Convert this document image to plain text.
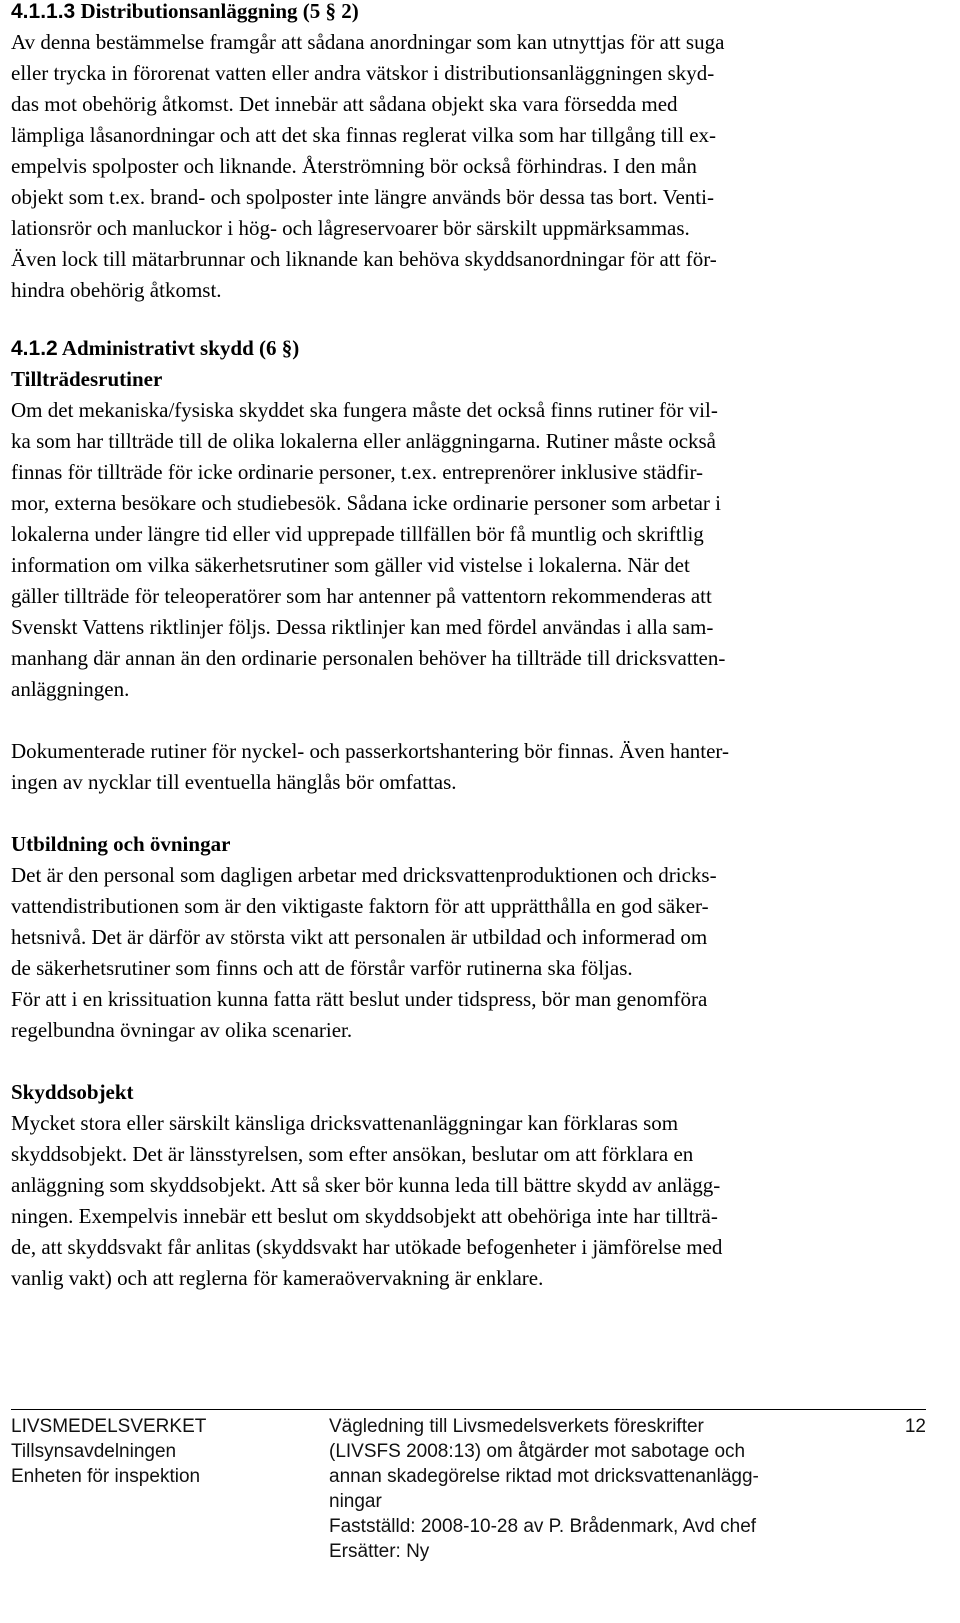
4.1.1.3 Distributionsanläggning (5 § 2)
Av denna bestämmelse framgår att sådana anordningar som kan utnyttjas för att suga
eller trycka in förorenat vatten eller andra vätskor i distributionsanläggningen skyd-
das mot obehörig åtkomst. Det innebär att sådana objekt ska vara försedda med
lämpliga låsanordningar och att det ska finnas reglerat vilka som har tillgång till ex-
empelvis spolposter och liknande. Återströmning bör också förhindras. I den mån
objekt som t.ex. brand- och spolposter inte längre används bör dessa tas bort. Venti-
lationsrör och manluckor i hög- och lågreservoarer bör särskilt uppmärksammas.
Även lock till mätarbrunnar och liknande kan behöva skyddsanordningar för att för-
hindra obehörig åtkomst.
4.1.2 Administrativt skydd (6 §)
Tillträdesrutiner
Om det mekaniska/fysiska skyddet ska fungera måste det också finns rutiner för vil-
ka som har tillträde till de olika lokalerna eller anläggningarna. Rutiner måste också
finnas för tillträde för icke ordinarie personer, t.ex. entreprenörer inklusive städfir-
mor, externa besökare och studiebesök. Sådana icke ordinarie personer som arbetar i
lokalerna under längre tid eller vid upprepade tillfällen bör få muntlig och skriftlig
information om vilka säkerhetsrutiner som gäller vid vistelse i lokalerna. När det
gäller tillträde för teleoperatörer som har antenner på vattentorn rekommenderas att
Svenskt Vattens riktlinjer följs. Dessa riktlinjer kan med fördel användas i alla sam-
manhang där annan än den ordinarie personalen behöver ha tillträde till dricksvatten-
anläggningen.
Dokumenterade rutiner för nyckel- och passerkortshantering bör finnas. Även hanter-
ingen av nycklar till eventuella hänglås bör omfattas.
Utbildning och övningar
Det är den personal som dagligen arbetar med dricksvattenproduktionen och dricks-
vattendistributionen som är den viktigaste faktorn för att upprätthålla en god säker-
hetsnivå. Det är därför av största vikt att personalen är utbildad och informerad om
de säkerhetsrutiner som finns och att de förstår varför rutinerna ska följas.
För att i en krissituation kunna fatta rätt beslut under tidspress, bör man genomföra
regelbundna övningar av olika scenarier.
Skyddsobjekt
Mycket stora eller särskilt känsliga dricksvattenanläggningar kan förklaras som
skyddsobjekt. Det är länsstyrelsen, som efter ansökan, beslutar om att förklara en
anläggning som skyddsobjekt. Att så sker bör kunna leda till bättre skydd av anlägg-
ningen. Exempelvis innebär ett beslut om skyddsobjekt att obehöriga inte har tillträ-
de, att skyddsvakt får anlitas (skyddsvakt har utökade befogenheter i jämförelse med
vanlig vakt) och att reglerna för kameraövervakning är enklare.
LIVSMEDELSVERKET
Tillsynsavdelningen
Enheten för inspektion
Vägledning till Livsmedelsverkets föreskrifter
(LIVSFS 2008:13) om åtgärder mot sabotage och
annan skadegörelse riktad mot dricksvattenanlägg-
ningar
Fastställd: 2008-10-28 av P. Brådenmark, Avd chef
Ersätter: Ny
12
